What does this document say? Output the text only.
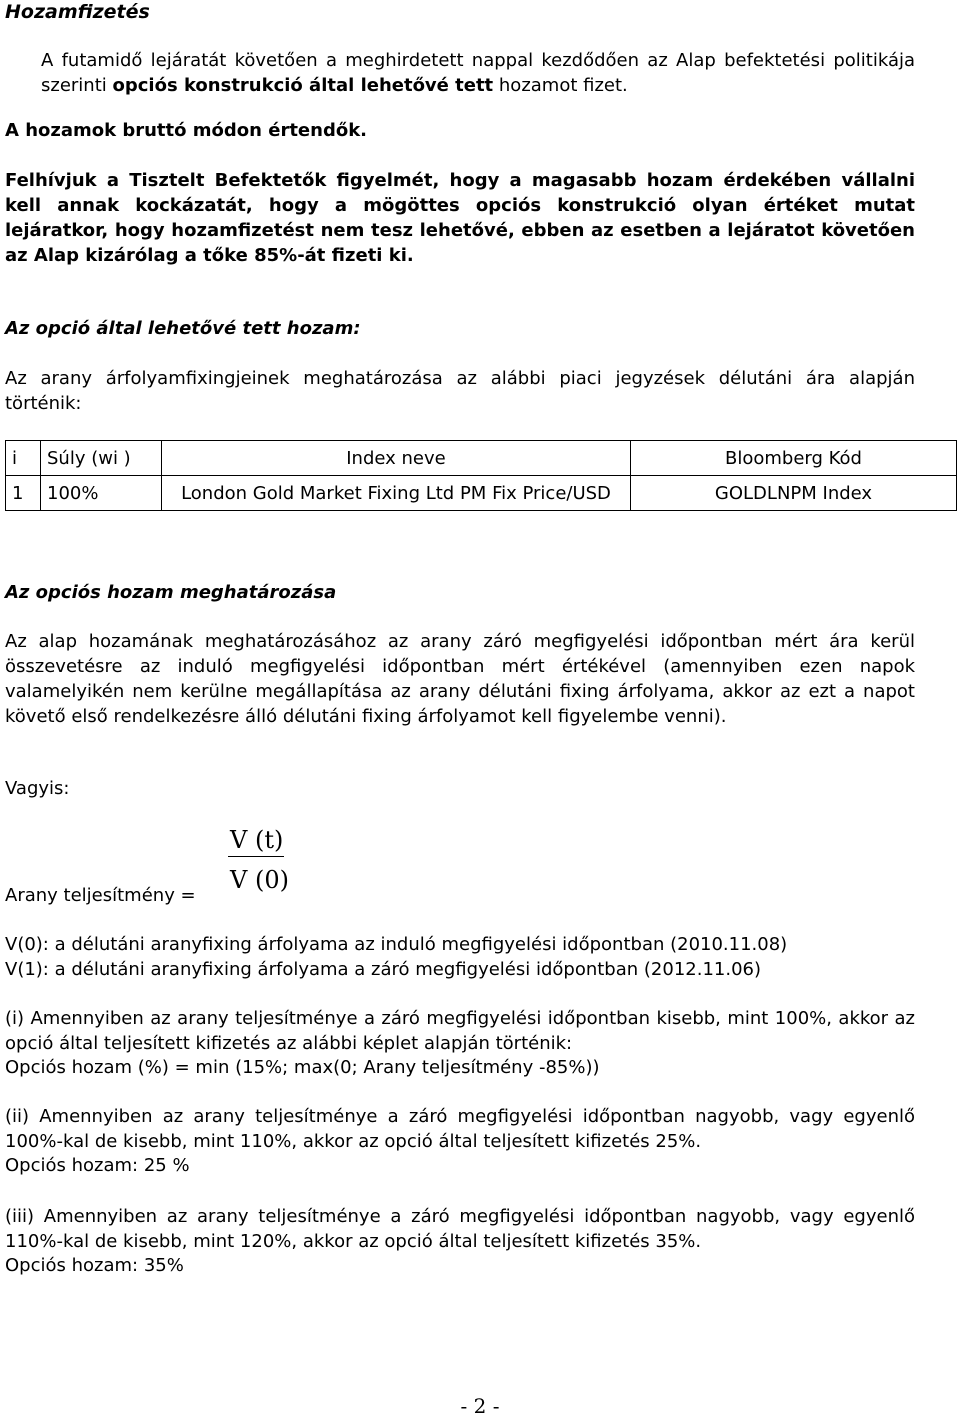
Hozamfizetés

A futamidő lejáratát követően a meghirdetett nappal kezdődően az Alap befektetési politikája szerinti opciós konstrukció által lehetővé tett hozamot fizet.

A hozamok bruttó módon értendők.

Felhívjuk a Tisztelt Befektetők figyelmét, hogy a magasabb hozam érdekében vállalni kell annak kockázatát, hogy a mögöttes opciós konstrukció olyan értéket mutat lejáratkor, hogy hozamfizetést nem tesz lehetővé, ebben az esetben a lejáratot követően az Alap kizárólag a tőke 85%-át fizeti ki.

Az opció által lehetővé tett hozam:

Az arany árfolyamfixingjeinek meghatározása az alábbi piaci jegyzések délutáni ára alapján történik:

i	Súly (wi )	Index neve	Bloomberg Kód
1	100%	London Gold Market Fixing Ltd PM Fix Price/USD	GOLDLNPM Index

Az opciós hozam meghatározása

Az alap hozamának meghatározásához az arany záró megfigyelési időpontban mért ára kerül összevetésre az induló megfigyelési időpontban mért értékével (amennyiben ezen napok valamelyikén nem kerülne megállapítása az arany délutáni fixing árfolyama, akkor az ezt a napot követő első rendelkezésre álló délutáni fixing árfolyamot kell figyelembe venni).

Vagyis:

Arany teljesítmény =

V (t)
V (0)

V(0): a délutáni aranyfixing árfolyama az induló megfigyelési időpontban (2010.11.08)

V(1): a délutáni aranyfixing árfolyama a záró megfigyelési időpontban (2012.11.06)

(i) Amennyiben az arany teljesítménye a záró megfigyelési időpontban kisebb, mint 100%, akkor az opció által teljesített kifizetés az alábbi képlet alapján történik:

Opciós hozam (%) = min (15%; max(0; Arany teljesítmény -85%))

(ii) Amennyiben az arany teljesítménye a záró megfigyelési időpontban nagyobb, vagy egyenlő 100%-kal de kisebb, mint 110%, akkor az opció által teljesített kifizetés 25%.

Opciós hozam: 25 %

(iii) Amennyiben az arany teljesítménye a záró megfigyelési időpontban nagyobb, vagy egyenlő 110%-kal de kisebb, mint 120%, akkor az opció által teljesített kifizetés 35%.

Opciós hozam: 35%

- 2 -
